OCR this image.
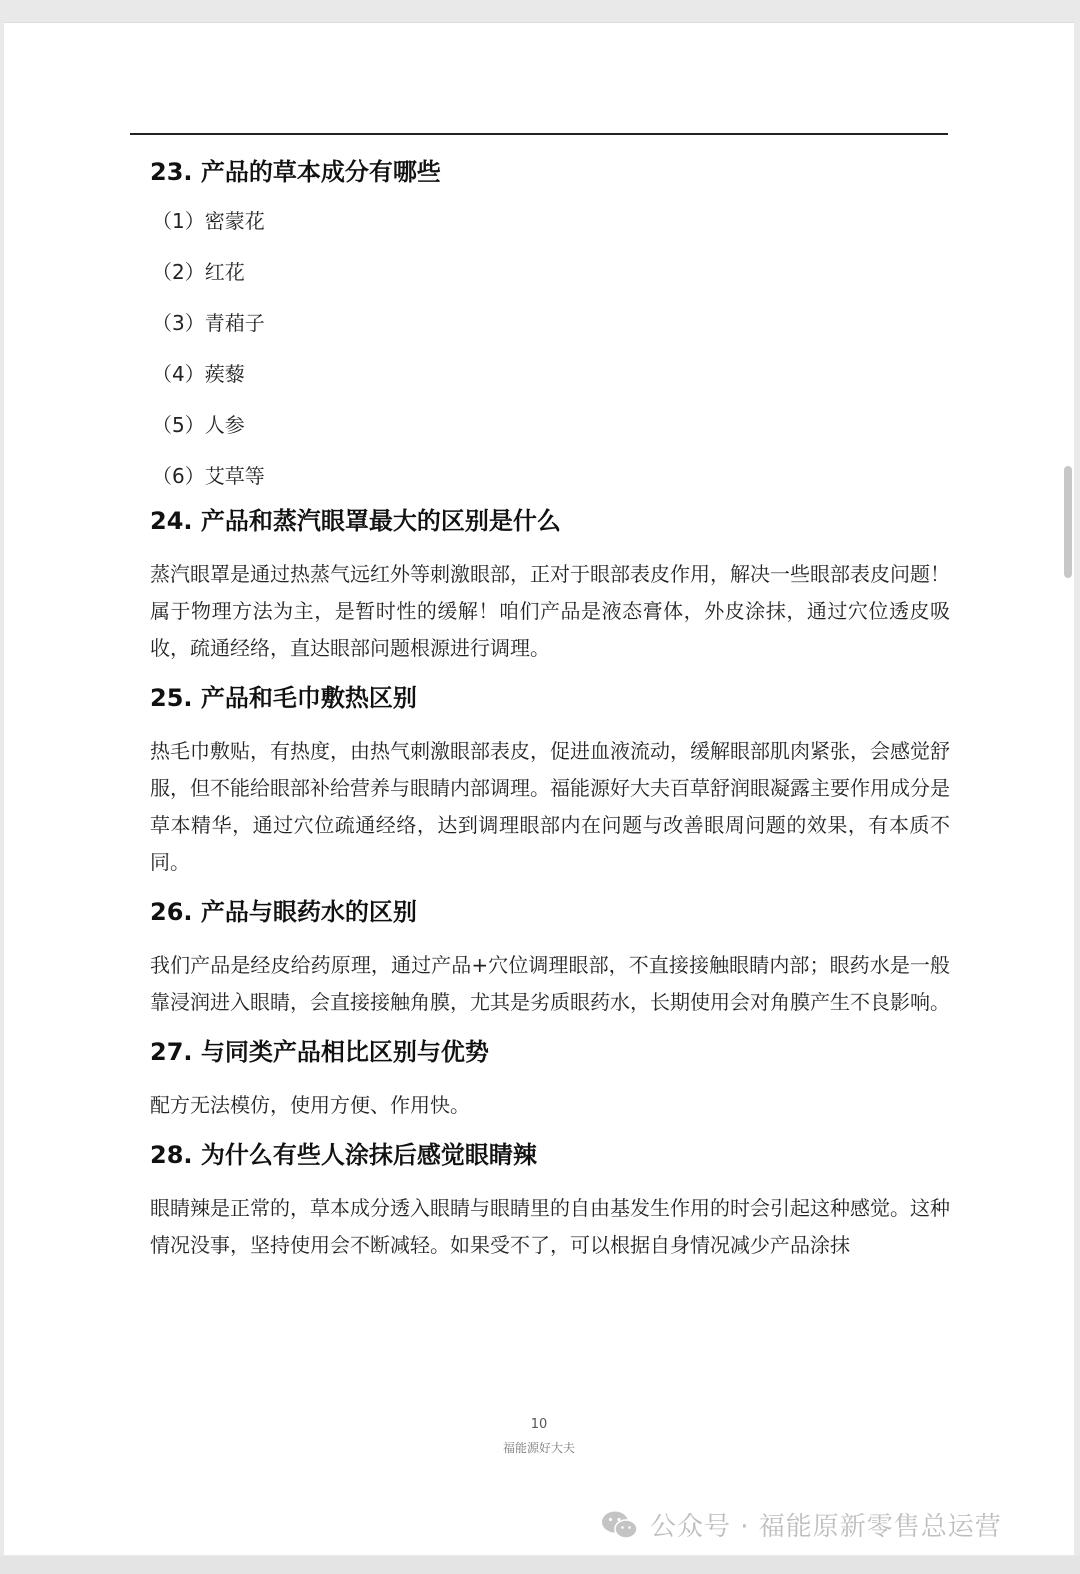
23. 产品的草本成分有哪些
（1）密蒙花
（2）红花
（3）青葙子
（4）蒺藜
（5）人参
（6）艾草等
24. 产品和蒸汽眼罩最大的区别是什么
蒸汽眼罩是通过热蒸气远红外等刺激眼部，正对于眼部表皮作用，解决一些眼部表皮问题！属于物理方法为主，是暂时性的缓解！咱们产品是液态膏体，外皮涂抹，通过穴位透皮吸收，疏通经络，直达眼部问题根源进行调理。
25. 产品和毛巾敷热区别
热毛巾敷贴，有热度，由热气刺激眼部表皮，促进血液流动，缓解眼部肌肉紧张，会感觉舒服，但不能给眼部补给营养与眼睛内部调理。福能源好大夫百草舒润眼凝露主要作用成分是草本精华，通过穴位疏通经络，达到调理眼部内在问题与改善眼周问题的效果，有本质不同。
26. 产品与眼药水的区别
我们产品是经皮给药原理，通过产品+穴位调理眼部，不直接接触眼睛内部；眼药水是一般靠浸润进入眼睛，会直接接触角膜，尤其是劣质眼药水，长期使用会对角膜产生不良影响。
27. 与同类产品相比区别与优势
配方无法模仿，使用方便、作用快。
28. 为什么有些人涂抹后感觉眼睛辣
眼睛辣是正常的，草本成分透入眼睛与眼睛里的自由基发生作用的时会引起这种感觉。这种情况没事，坚持使用会不断减轻。如果受不了，可以根据自身情况减少产品涂抹
10
福能源好大夫
公众号 · 福能原新零售总运营
